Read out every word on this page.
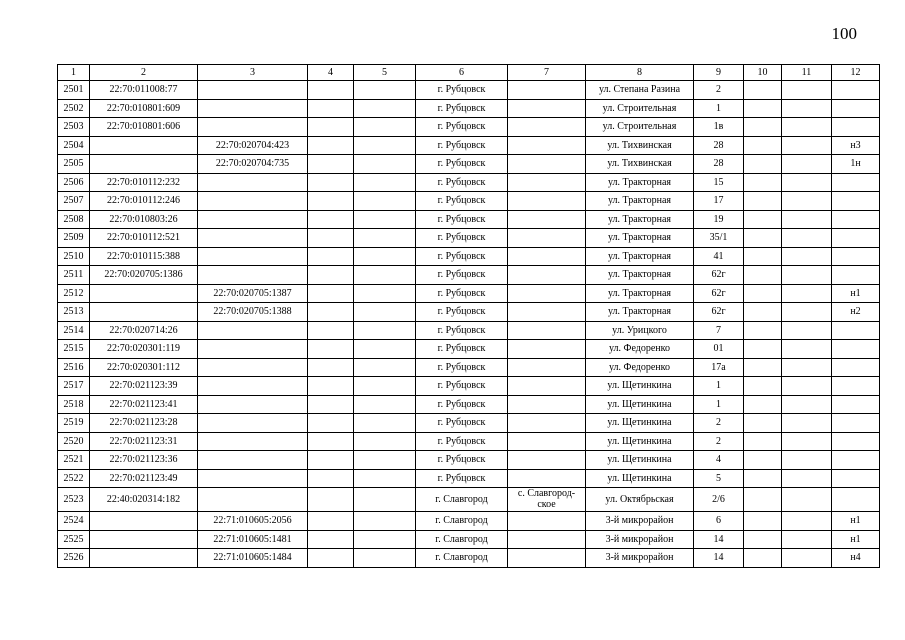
100
1	2	3	4	5	6	7	8	9	10	11	12
2501	22:70:011008:77				г. Рубцовск		ул. Степана Разина	2			
2502	22:70:010801:609				г. Рубцовск		ул. Строительная	1			
2503	22:70:010801:606				г. Рубцовск		ул. Строительная	1в			
2504		22:70:020704:423			г. Рубцовск		ул. Тихвинская	28			н3
2505		22:70:020704:735			г. Рубцовск		ул. Тихвинская	28			1н
2506	22:70:010112:232				г. Рубцовск		ул. Тракторная	15			
2507	22:70:010112:246				г. Рубцовск		ул. Тракторная	17			
2508	22:70:010803:26				г. Рубцовск		ул. Тракторная	19			
2509	22:70:010112:521				г. Рубцовск		ул. Тракторная	35/1			
2510	22:70:010115:388				г. Рубцовск		ул. Тракторная	41			
2511	22:70:020705:1386				г. Рубцовск		ул. Тракторная	62г			
2512		22:70:020705:1387			г. Рубцовск		ул. Тракторная	62г			н1
2513		22:70:020705:1388			г. Рубцовск		ул. Тракторная	62г			н2
2514	22:70:020714:26				г. Рубцовск		ул. Урицкого	7			
2515	22:70:020301:119				г. Рубцовск		ул. Федоренко	01			
2516	22:70:020301:112				г. Рубцовск		ул. Федоренко	17а			
2517	22:70:021123:39				г. Рубцовск		ул. Щетинкина	1			
2518	22:70:021123:41				г. Рубцовск		ул. Щетинкина	1			
2519	22:70:021123:28				г. Рубцовск		ул. Щетинкина	2			
2520	22:70:021123:31				г. Рубцовск		ул. Щетинкина	2			
2521	22:70:021123:36				г. Рубцовск		ул. Щетинкина	4			
2522	22:70:021123:49				г. Рубцовск		ул. Щетинкина	5			
2523	22:40:020314:182				г. Славгород	с. Славгород-ское	ул. Октябрьская	2/6			
2524		22:71:010605:2056			г. Славгород		3-й микрорайон	6			н1
2525		22:71:010605:1481			г. Славгород		3-й микрорайон	14			н1
2526		22:71:010605:1484			г. Славгород		3-й микрорайон	14			н4
